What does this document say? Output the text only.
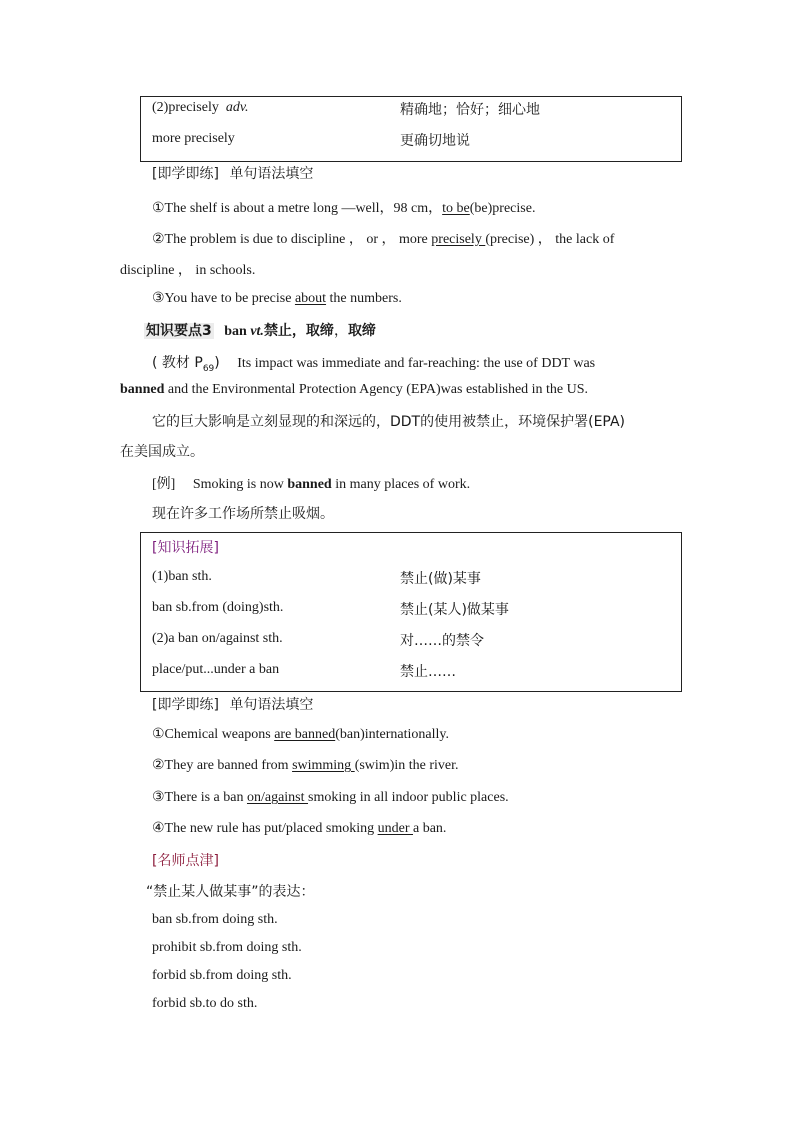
(2)precisely adv.	精确地；恰好；细心地
more precisely	更确切地说
[即学即练] 单句语法填空
①The shelf is about a metre long —well，98 cm，to be(be)precise.
②The problem is due to discipline ， or ， more precisely (precise) ， the lack of
discipline ， in schools.
③You have to be precise about the numbers.
知识要点3 ban vt.禁止，取缔，取缔
( 教材 $P_{69}$) Its impact was immediate and far-reaching: the use of DDT was
banned and the Environmental Protection Agency (EPA)was established in the US.
它的巨大影响是立刻显现的和深远的，DDT的使用被禁止，环境保护署(EPA)
在美国成立。
[例] Smoking is now banned in many places of work.
现在许多工作场所禁止吸烟。
[知识拓展]
(1)ban sth.	禁止(做)某事
ban sb.from (doing)sth.	禁止(某人)做某事
(2)a ban on/against sth.	对……的禁令
place/put...under a ban	禁止……
[即学即练] 单句语法填空
①Chemical weapons are banned(ban)internationally.
②They are banned from swimming (swim)in the river.
③There is a ban on/against smoking in all indoor public places.
④The new rule has put/placed smoking under a ban.
[名师点津]
“禁止某人做某事”的表达：
ban sb.from doing sth.
prohibit sb.from doing sth.
forbid sb.from doing sth.
forbid sb.to do sth.
